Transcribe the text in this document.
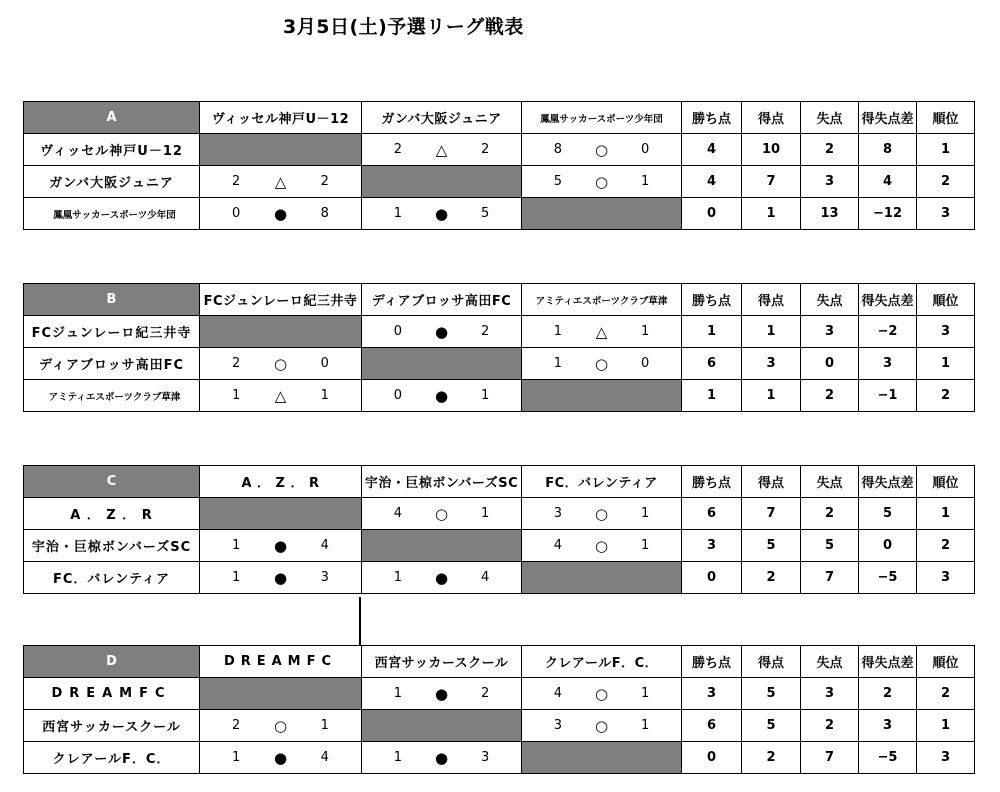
3月5日(土)予選リーグ戦表
A	ヴィッセル神戸U－12	ガンバ大阪ジュニア	鳳凰サッカースポーツ少年団	勝ち点	得点	失点	得失点差	順位
ヴィッセル神戸U－12		2 △ 2	8 ○ 0	4	10	2	8	1
ガンバ大阪ジュニア	2 △ 2		5 ○ 1	4	7	3	4	2
鳳凰サッカースポーツ少年団	0 ● 8	1 ● 5		0	1	13	−12	3
B	FCジュンレーロ紀三井寺	ディアブロッサ高田FC	アミティエスポーツクラブ草津	勝ち点	得点	失点	得失点差	順位
FCジュンレーロ紀三井寺		0 ● 2	1 △ 1	1	1	3	−2	3
ディアブロッサ高田FC	2 ○ 0		1 ○ 0	6	3	0	3	1
アミティエスポーツクラブ草津	1 △ 1	0 ● 1		1	1	2	−1	2
C	A ． Z ． R	宇治・巨椋ボンバーズSC	FC．バレンティア	勝ち点	得点	失点	得失点差	順位
A ． Z ． R		4 ○ 1	3 ○ 1	6	7	2	5	1
宇治・巨椋ボンバーズSC	1 ● 4		4 ○ 1	3	5	5	0	2
FC．バレンティア	1 ● 3	1 ● 4		0	2	7	−5	3
D	DREAMFC	西宮サッカースクール	クレアールF．C．	勝ち点	得点	失点	得失点差	順位
DREAMFC		1 ● 2	4 ○ 1	3	5	3	2	2
西宮サッカースクール	2 ○ 1		3 ○ 1	6	5	2	3	1
クレアールF．C．	1 ● 4	1 ● 3		0	2	7	−5	3
